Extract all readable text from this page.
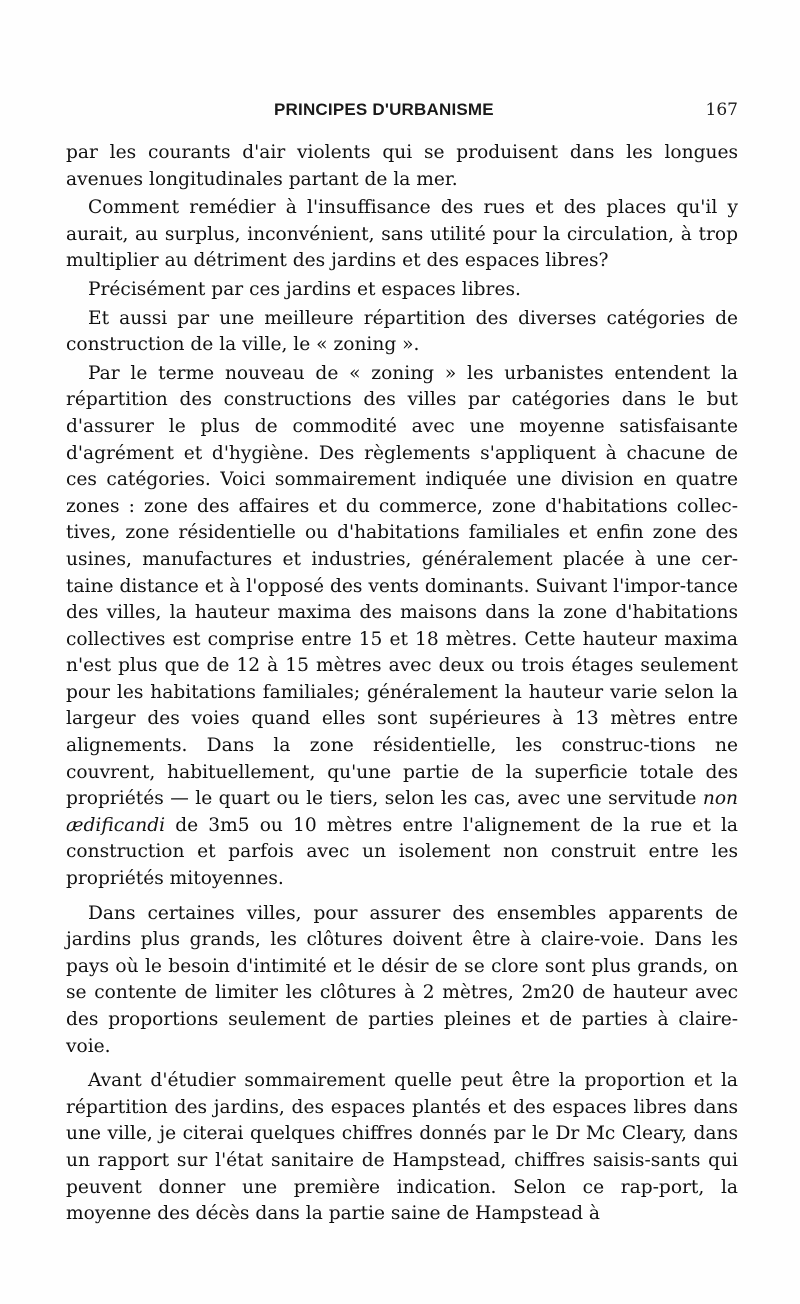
PRINCIPES D'URBANISME	167

par les courants d'air violents qui se produisent dans les longues avenues longitudinales partant de la mer.

Comment remédier à l'insuffisance des rues et des places qu'il y aurait, au surplus, inconvénient, sans utilité pour la circulation, à trop multiplier au détriment des jardins et des espaces libres?

Précisément par ces jardins et espaces libres.

Et aussi par une meilleure répartition des diverses catégories de construction de la ville, le « zoning ».

Par le terme nouveau de « zoning » les urbanistes entendent la répartition des constructions des villes par catégories dans le but d'assurer le plus de commodité avec une moyenne satisfaisante d'agrément et d'hygiène. Des règlements s'appliquent à chacune de ces catégories. Voici sommairement indiquée une division en quatre zones : zone des affaires et du commerce, zone d'habitations collec-tives, zone résidentielle ou d'habitations familiales et enfin zone des usines, manufactures et industries, généralement placée à une cer-taine distance et à l'opposé des vents dominants. Suivant l'impor-tance des villes, la hauteur maxima des maisons dans la zone d'habitations collectives est comprise entre 15 et 18 mètres. Cette hauteur maxima n'est plus que de 12 à 15 mètres avec deux ou trois étages seulement pour les habitations familiales; généralement la hauteur varie selon la largeur des voies quand elles sont supérieures à 13 mètres entre alignements. Dans la zone résidentielle, les construc-tions ne couvrent, habituellement, qu'une partie de la superficie totale des propriétés — le quart ou le tiers, selon les cas, avec une servitude non ædificandi de 3m5 ou 10 mètres entre l'alignement de la rue et la construction et parfois avec un isolement non construit entre les propriétés mitoyennes.

Dans certaines villes, pour assurer des ensembles apparents de jardins plus grands, les clôtures doivent être à claire-voie. Dans les pays où le besoin d'intimité et le désir de se clore sont plus grands, on se contente de limiter les clôtures à 2 mètres, 2m20 de hauteur avec des proportions seulement de parties pleines et de parties à claire-voie.

Avant d'étudier sommairement quelle peut être la proportion et la répartition des jardins, des espaces plantés et des espaces libres dans une ville, je citerai quelques chiffres donnés par le Dr Mc Cleary, dans un rapport sur l'état sanitaire de Hampstead, chiffres saisis-sants qui peuvent donner une première indication. Selon ce rap-port, la moyenne des décès dans la partie saine de Hampstead à
